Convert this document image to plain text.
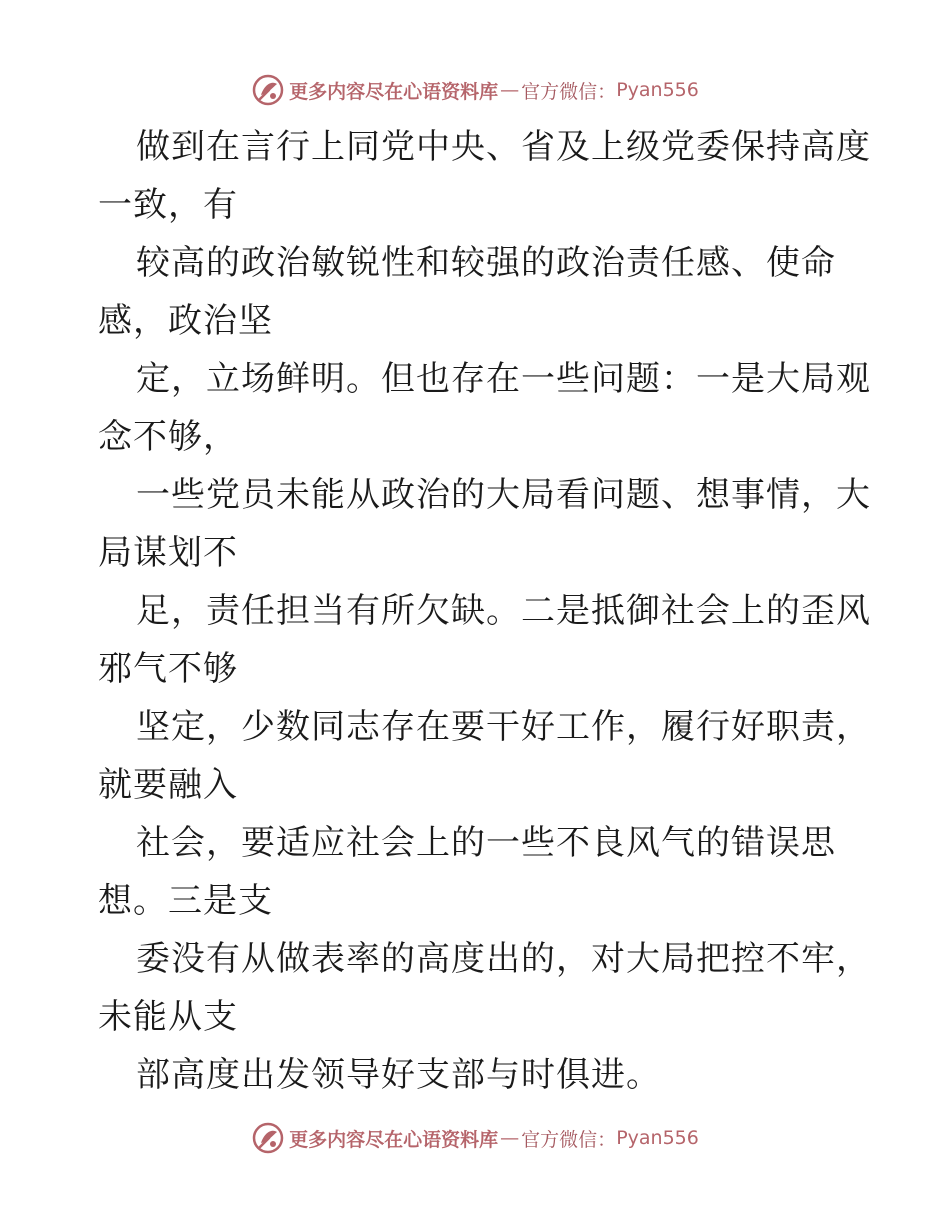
更多内容尽在心语资料库 — 官方微信： Pyan556
做到在言行上同党中央、省及上级党委保持高度
一致，有
较高的政治敏锐性和较强的政治责任感、使命
感，政治坚
定，立场鲜明。但也存在一些问题：一是大局观
念不够，
一些党员未能从政治的大局看问题、想事情，大
局谋划不
足，责任担当有所欠缺。二是抵御社会上的歪风
邪气不够
坚定，少数同志存在要干好工作，履行好职责，
就要融入
社会，要适应社会上的一些不良风气的错误思
想。三是支
委没有从做表率的高度出的，对大局把控不牢，
未能从支
部高度出发领导好支部与时俱进。
更多内容尽在心语资料库 — 官方微信： Pyan556
